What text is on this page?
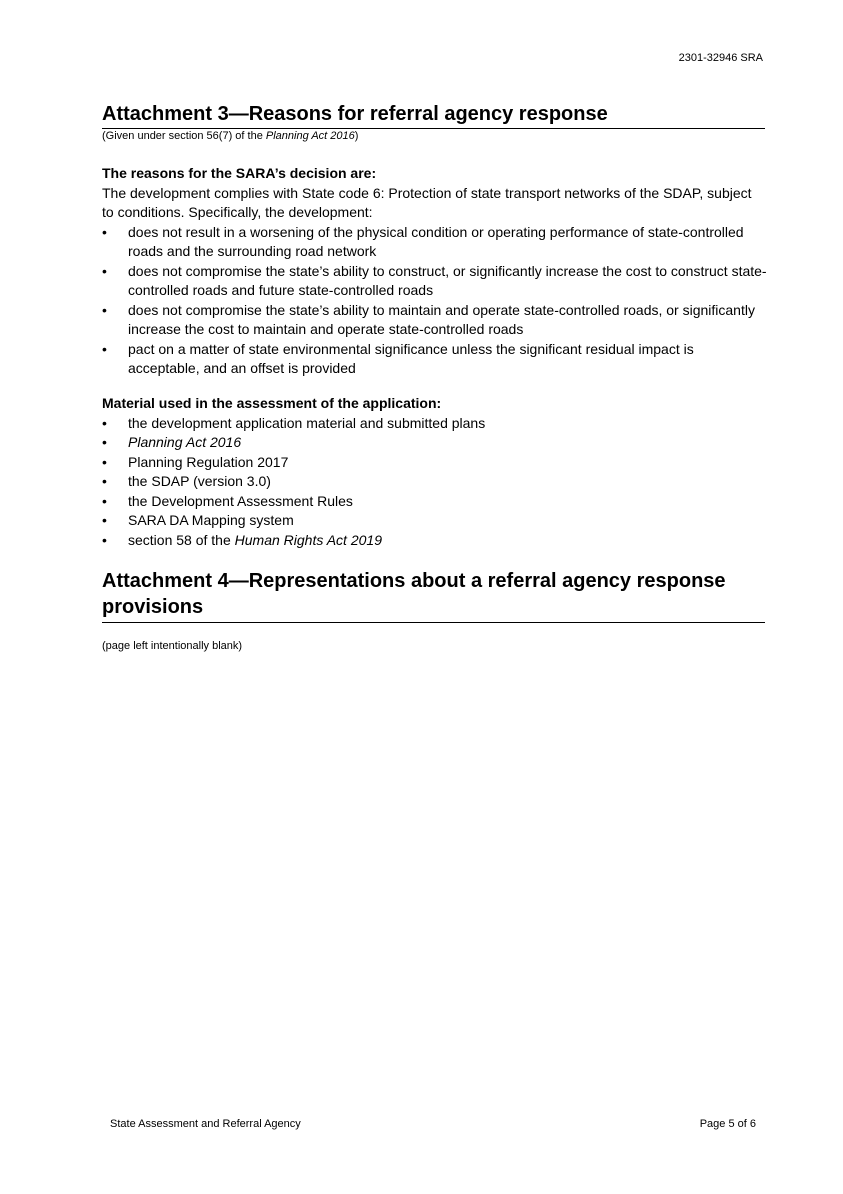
2301-32946 SRA
Attachment 3—Reasons for referral agency response
(Given under section 56(7) of the Planning Act 2016)
The reasons for the SARA’s decision are:
The development complies with State code 6: Protection of state transport networks of the SDAP, subject to conditions. Specifically, the development:
• does not result in a worsening of the physical condition or operating performance of state-controlled roads and the surrounding road network
• does not compromise the state’s ability to construct, or significantly increase the cost to construct state-controlled roads and future state-controlled roads
• does not compromise the state’s ability to maintain and operate state-controlled roads, or significantly increase the cost to maintain and operate state-controlled roads
• pact on a matter of state environmental significance unless the significant residual impact is acceptable, and an offset is provided
Material used in the assessment of the application:
• the development application material and submitted plans
• Planning Act 2016
• Planning Regulation 2017
• the SDAP (version 3.0)
• the Development Assessment Rules
• SARA DA Mapping system
• section 58 of the Human Rights Act 2019
Attachment 4—Representations about a referral agency response provisions
(page left intentionally blank)
State Assessment and Referral Agency	Page 5 of 6
